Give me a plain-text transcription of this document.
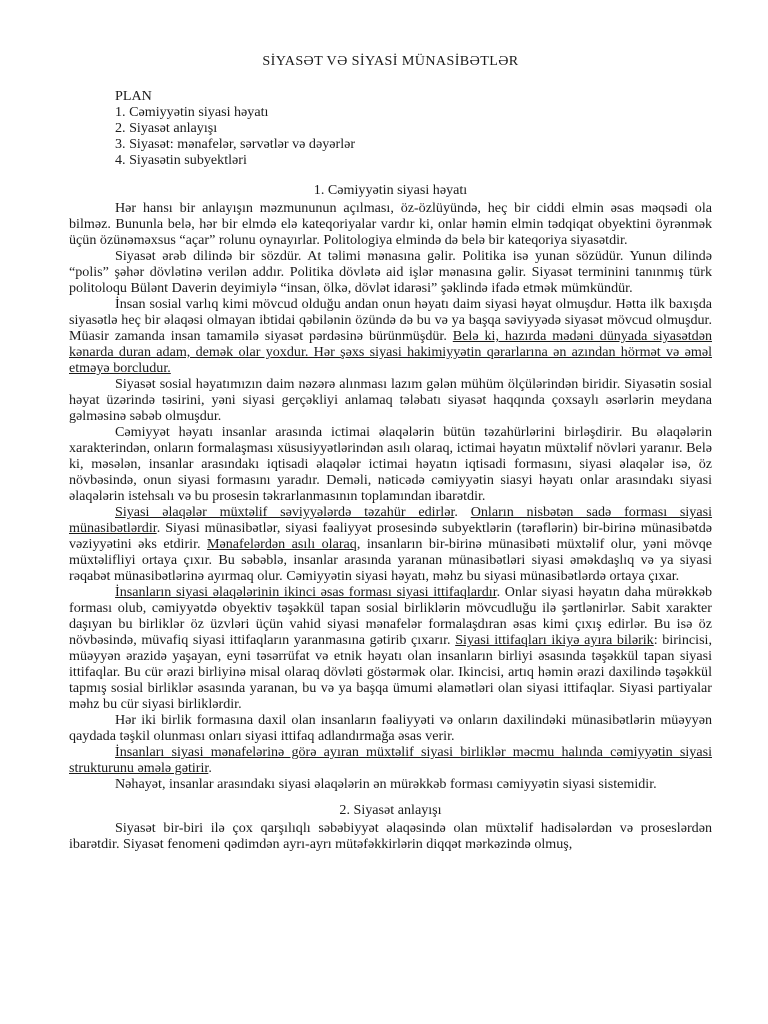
SİYASƏT VƏ SİYASİ MÜNASİBƏTLƏR
PLAN
1. Cəmiyyətin siyasi həyatı
2. Siyasət anlayışı
3. Siyasət: mənafelər, sərvətlər və dəyərlər
4. Siyasətin subyektləri
1. Cəmiyyətin siyasi həyatı

Hər hansı bir anlayışın məzmununun açılması, öz-özlüyündə, heç bir ciddi elmin əsas məqsədi ola bilməz. Bununla belə, hər bir elmdə elə kateqoriyalar vardır ki, onlar həmin elmin tədqiqat obyektini öyrənmək üçün özünəməxsus “açar” rolunu oynayırlar. Politologiya elmində də belə bir kateqoriya siyasətdir.

Siyasət ərəb dilində bir sözdür. At təlimi mənasına gəlir. Politika isə yunan sözüdür. Yunun dilində “polis” şəhər dövlətinə verilən addır. Politika dövlətə aid işlər mənasına gəlir. Siyasət terminini tanınmış türk politoloqu Bülənt Daverin deyimiylə “insan, ölkə, dövlət idarəsi” şəklində ifadə etmək mümkündür.

İnsan sosial varlıq kimi mövcud olduğu andan onun həyatı daim siyasi həyat olmuşdur. Hətta ilk baxışda siyasətlə heç bir əlaqəsi olmayan ibtidai qəbilənin özündə də bu və ya başqa səviyyədə siyasət mövcud olmuşdur. Müasir zamanda insan tamamilə siyasət pərdəsinə bürünmüşdür. Belə ki, hazırda mədəni dünyada siyasətdən kənarda duran adam, demək olar yoxdur. Hər şəxs siyasi hakimiyyətin qərarlarına ən azından hörmət və əməl etməyə borcludur.

Siyasət sosial həyatımızın daim nəzərə alınması lazım gələn mühüm ölçülərindən biridir. Siyasətin sosial həyat üzərində təsirini, yəni siyasi gerçəkliyi anlamaq tələbatı siyasət haqqında çoxsaylı əsərlərin meydana gəlməsinə səbəb olmuşdur.

Cəmiyyət həyatı insanlar arasında ictimai əlaqələrin bütün təzahürlərini birləşdirir. Bu əlaqələrin xarakterindən, onların formalaşması xüsusiyyətlərindən asılı olaraq, ictimai həyatın müxtəlif növləri yaranır. Belə ki, məsələn, insanlar arasındakı iqtisadi əlaqələr ictimai həyatın iqtisadi formasını, siyasi əlaqələr isə, öz növbəsində, onun siyasi formasını yaradır. Deməli, nəticədə cəmiyyətin siasyi həyatı onlar arasındakı siyasi əlaqələrin istehsalı və bu prosesin təkrarlanmasının toplamından ibarətdir.

Siyasi əlaqələr müxtəlif səviyyələrdə təzahür edirlər. Onların nisbətən sadə forması siyasi münasibətlərdir. Siyasi münasibətlər, siyasi fəaliyyət prosesində subyektlərin (tərəflərin) bir-birinə münasibətdə vəziyyətini əks etdirir. Mənafelərdən asılı olaraq, insanların bir-birinə münasibəti müxtəlif olur, yəni mövqe müxtəlifliyi ortaya çıxır. Bu səbəblə, insanlar arasında yaranan münasibətləri siyasi əməkdaşlıq və ya siyasi rəqabət münasibətlərinə ayırmaq olur. Cəmiyyətin siyasi həyatı, məhz bu siyasi münasibətlərdə ortaya çıxar.

İnsanların siyasi əlaqələrinin ikinci əsas forması siyasi ittifaqlardır. Onlar siyasi həyatın daha mürəkkəb forması olub, cəmiyyətdə obyektiv təşəkkül tapan sosial birliklərin mövcudluğu ilə şərtlənirlər. Sabit xarakter daşıyan bu birliklər öz üzvləri üçün vahid siyasi mənafelər formalaşdıran əsas kimi çıxış edirlər. Bu isə öz növbəsində, müvafiq siyasi ittifaqların yaranmasına gətirib çıxarır. Siyasi ittifaqları ikiyə ayıra bilərik: birincisi, müəyyən ərazidə yaşayan, eyni təsərrüfat və etnik həyatı olan insanların birliyi əsasında təşəkkül tapan siyasi ittifaqlar. Bu cür ərazi birliyinə misal olaraq dövləti göstərmək olar. Ikincisi, artıq həmin ərazi daxilində təşəkkül tapmış sosial birliklər əsasında yaranan, bu və ya başqa ümumi əlamətləri olan siyasi ittifaqlar. Siyasi partiyalar məhz bu cür siyasi birliklərdir.

Hər iki birlik formasına daxil olan insanların fəaliyyəti və onların daxilindəki münasibətlərin müəyyən qaydada təşkil olunması onları siyasi ittifaq adlandırmağa əsas verir.

İnsanları siyasi mənafelərinə görə ayıran müxtəlif siyasi birliklər məcmu halında cəmiyyətin siyasi strukturunu əmələ gətirir.

Nəhayət, insanlar arasındakı siyasi əlaqələrin ən mürəkkəb forması cəmiyyətin siyasi sistemidir.

2. Siyasət anlayışı

Siyasət bir-biri ilə çox qarşılıqlı səbəbiyyət əlaqəsində olan müxtəlif hadisələrdən və proseslərdən ibarətdir. Siyasət fenomeni qədimdən ayrı-ayrı mütəfəkkirlərin diqqət mərkəzində olmuş,
